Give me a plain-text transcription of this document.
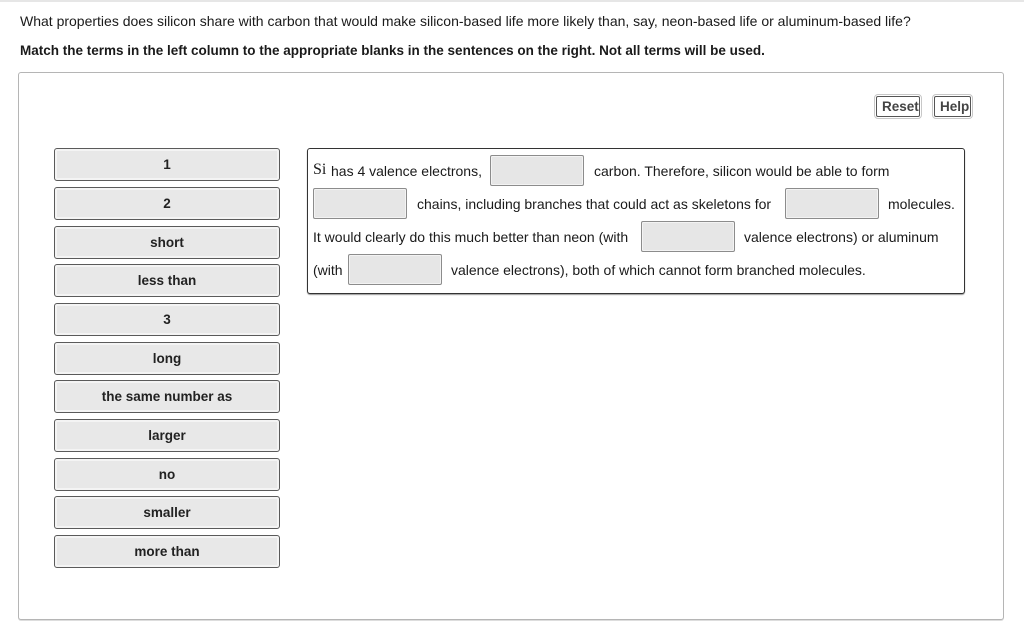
What properties does silicon share with carbon that would make silicon-based life more likely than, say, neon-based life or aluminum-based life?
Match the terms in the left column to the appropriate blanks in the sentences on the right. Not all terms will be used.
Reset	Help
1
2
short
less than
3
long
the same number as
larger
no
smaller
more than
Si has 4 valence electrons,	carbon. Therefore, silicon would be able to form
chains, including branches that could act as skeletons for	molecules.
It would clearly do this much better than neon (with	valence electrons) or aluminum
(with	valence electrons), both of which cannot form branched molecules.
